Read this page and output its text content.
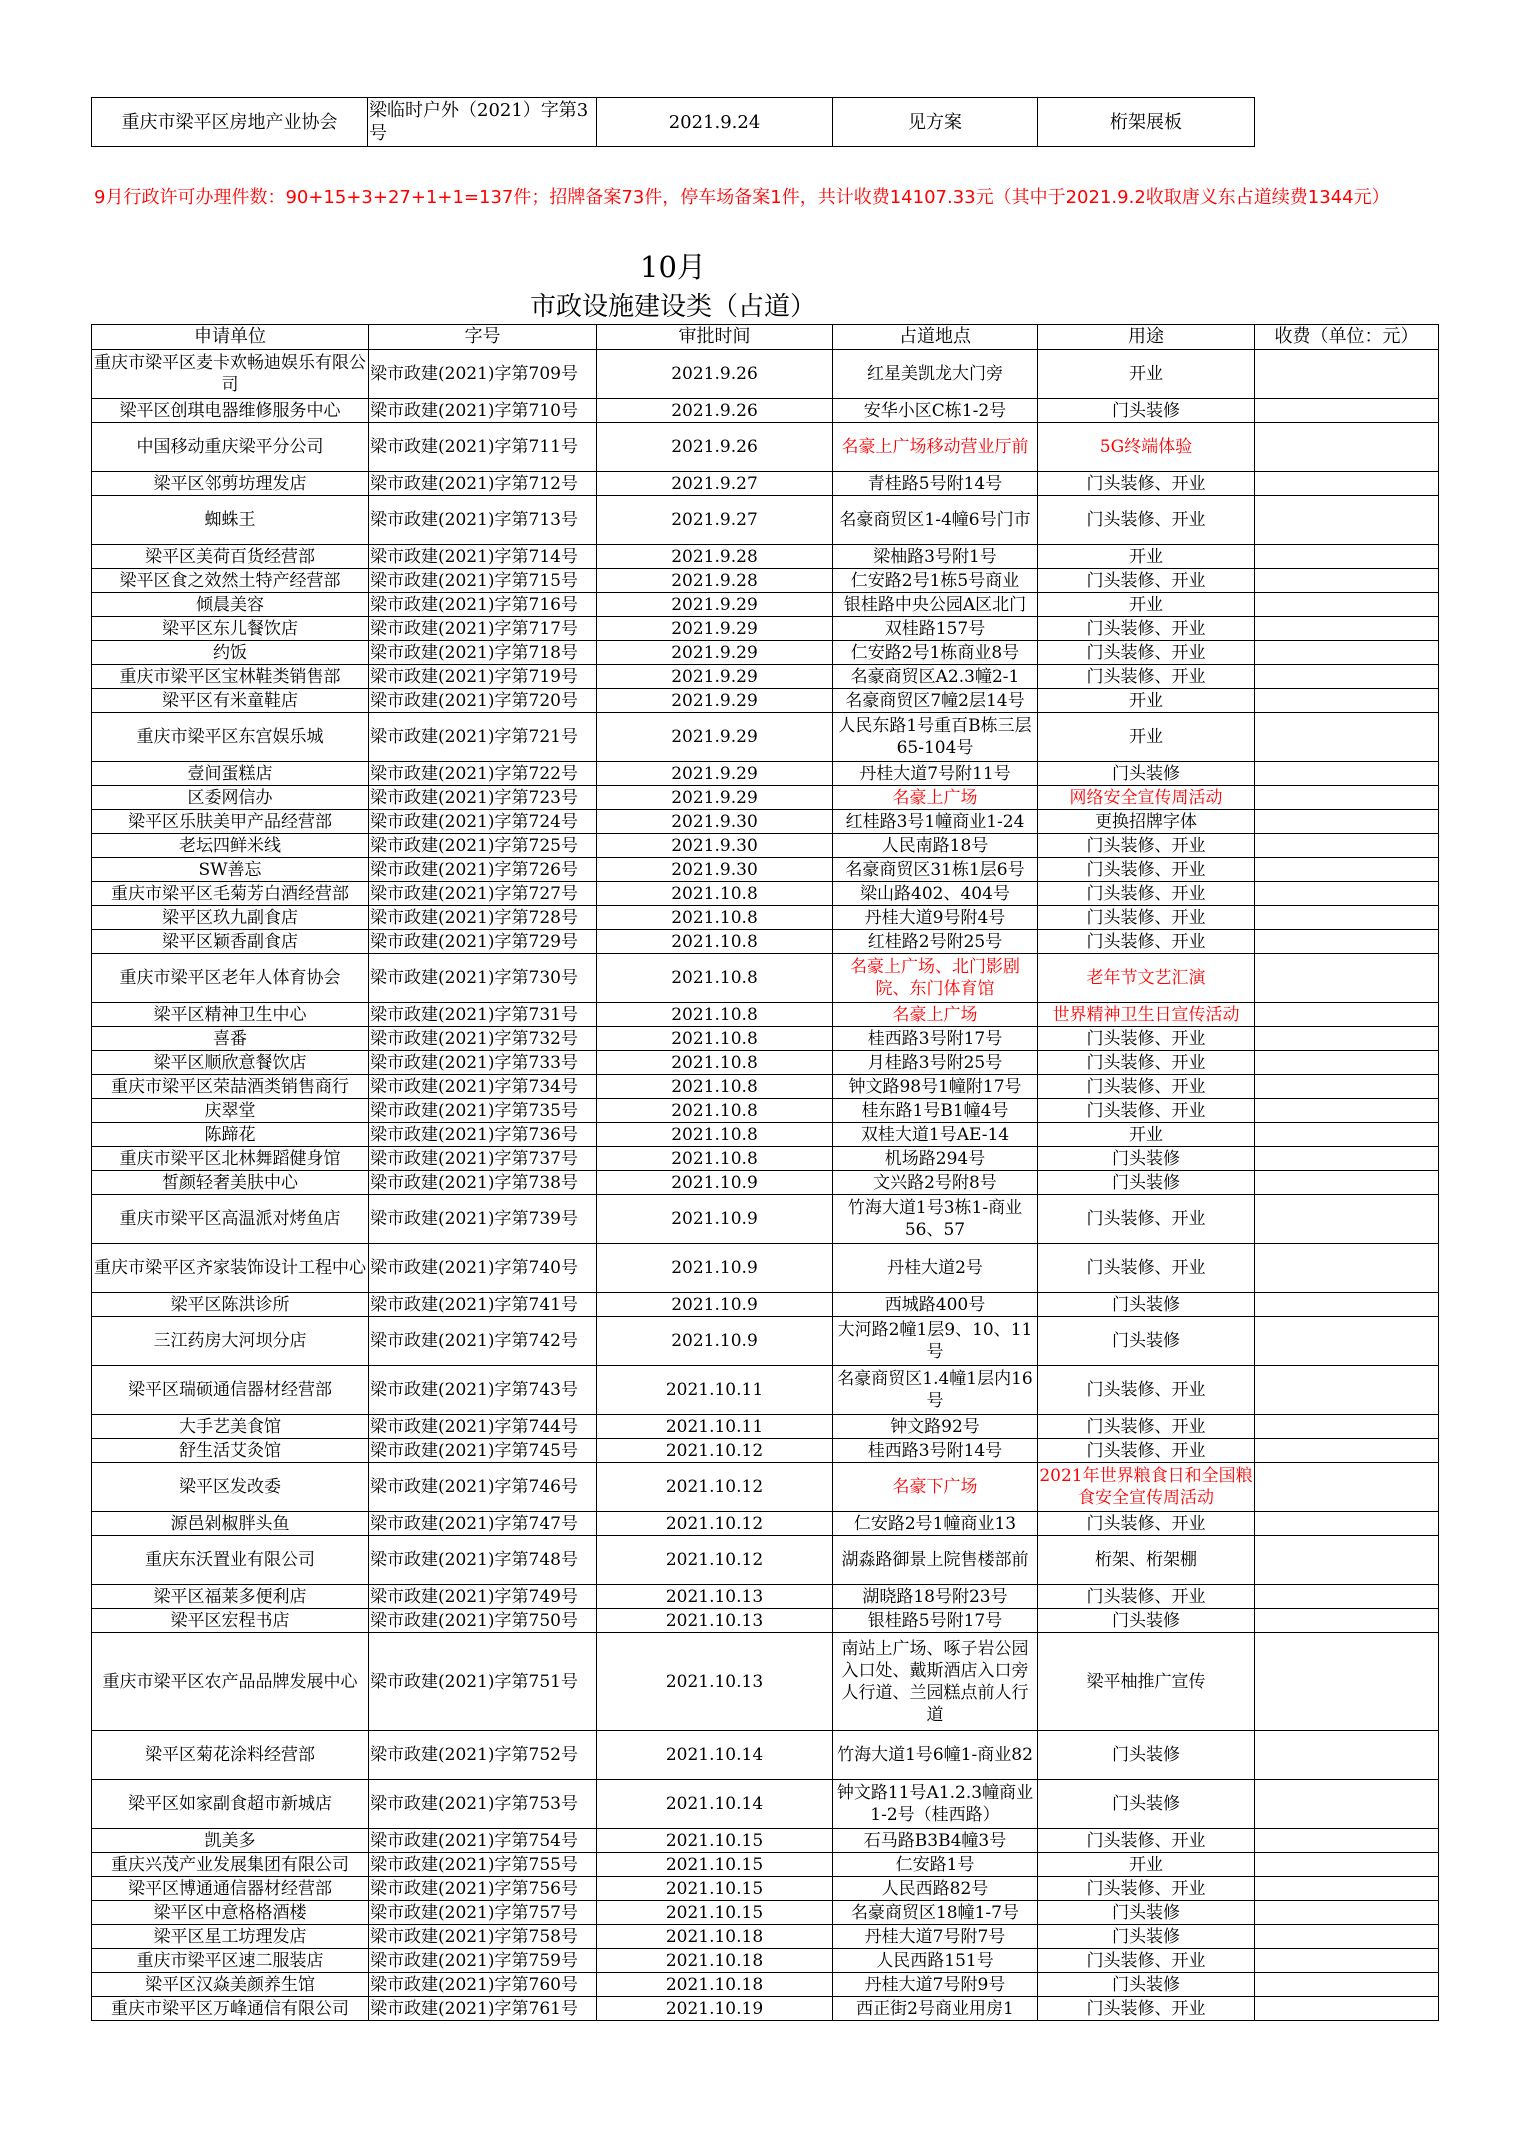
重庆市梁平区房地产业协会	梁临时户外（2021）字第3号	2021.9.24	见方案	桁架展板
9月行政许可办理件数：90+15+3+27+1+1=137件；招牌备案73件，停车场备案1件，共计收费14107.33元（其中于2021.9.2收取唐义东占道续费1344元）
10月
市政设施建设类（占道）
申请单位	字号	审批时间	占道地点	用途	收费（单位：元）
重庆市梁平区麦卡欢畅迪娱乐有限公司	梁市政建(2021)字第709号	2021.9.26	红星美凯龙大门旁	开业	
梁平区创琪电器维修服务中心	梁市政建(2021)字第710号	2021.9.26	安华小区C栋1-2号	门头装修	
中国移动重庆梁平分公司	梁市政建(2021)字第711号	2021.9.26	名豪上广场移动营业厅前	5G终端体验	
梁平区邻剪坊理发店	梁市政建(2021)字第712号	2021.9.27	青桂路5号附14号	门头装修、开业	
蜘蛛王	梁市政建(2021)字第713号	2021.9.27	名豪商贸区1-4幢6号门市	门头装修、开业	
梁平区美荷百货经营部	梁市政建(2021)字第714号	2021.9.28	梁柚路3号附1号	开业	
梁平区食之效然土特产经营部	梁市政建(2021)字第715号	2021.9.28	仁安路2号1栋5号商业	门头装修、开业	
倾晨美容	梁市政建(2021)字第716号	2021.9.29	银桂路中央公园A区北门	开业	
梁平区东儿餐饮店	梁市政建(2021)字第717号	2021.9.29	双桂路157号	门头装修、开业	
约饭	梁市政建(2021)字第718号	2021.9.29	仁安路2号1栋商业8号	门头装修、开业	
重庆市梁平区宝林鞋类销售部	梁市政建(2021)字第719号	2021.9.29	名豪商贸区A2.3幢2-1	门头装修、开业	
梁平区有米童鞋店	梁市政建(2021)字第720号	2021.9.29	名豪商贸区7幢2层14号	开业	
重庆市梁平区东宫娱乐城	梁市政建(2021)字第721号	2021.9.29	人民东路1号重百B栋三层65-104号	开业	
壹间蛋糕店	梁市政建(2021)字第722号	2021.9.29	丹桂大道7号附11号	门头装修	
区委网信办	梁市政建(2021)字第723号	2021.9.29	名豪上广场	网络安全宣传周活动	
梁平区乐肤美甲产品经营部	梁市政建(2021)字第724号	2021.9.30	红桂路3号1幢商业1-24	更换招牌字体	
老坛四鲜米线	梁市政建(2021)字第725号	2021.9.30	人民南路18号	门头装修、开业	
SW善忘	梁市政建(2021)字第726号	2021.9.30	名豪商贸区31栋1层6号	门头装修、开业	
重庆市梁平区毛菊芳白酒经营部	梁市政建(2021)字第727号	2021.10.8	梁山路402、404号	门头装修、开业	
梁平区玖九副食店	梁市政建(2021)字第728号	2021.10.8	丹桂大道9号附4号	门头装修、开业	
梁平区颖香副食店	梁市政建(2021)字第729号	2021.10.8	红桂路2号附25号	门头装修、开业	
重庆市梁平区老年人体育协会	梁市政建(2021)字第730号	2021.10.8	名豪上广场、北门影剧院、东门体育馆	老年节文艺汇演	
梁平区精神卫生中心	梁市政建(2021)字第731号	2021.10.8	名豪上广场	世界精神卫生日宣传活动	
喜番	梁市政建(2021)字第732号	2021.10.8	桂西路3号附17号	门头装修、开业	
梁平区顺欣意餐饮店	梁市政建(2021)字第733号	2021.10.8	月桂路3号附25号	门头装修、开业	
重庆市梁平区荣喆酒类销售商行	梁市政建(2021)字第734号	2021.10.8	钟文路98号1幢附17号	门头装修、开业	
庆翠堂	梁市政建(2021)字第735号	2021.10.8	桂东路1号B1幢4号	门头装修、开业	
陈蹄花	梁市政建(2021)字第736号	2021.10.8	双桂大道1号AE-14	开业	
重庆市梁平区北林舞蹈健身馆	梁市政建(2021)字第737号	2021.10.8	机场路294号	门头装修	
皙颜轻奢美肤中心	梁市政建(2021)字第738号	2021.10.9	文兴路2号附8号	门头装修	
重庆市梁平区高温派对烤鱼店	梁市政建(2021)字第739号	2021.10.9	竹海大道1号3栋1-商业56、57	门头装修、开业	
重庆市梁平区齐家装饰设计工程中心	梁市政建(2021)字第740号	2021.10.9	丹桂大道2号	门头装修、开业	
梁平区陈洪诊所	梁市政建(2021)字第741号	2021.10.9	西城路400号	门头装修	
三江药房大河坝分店	梁市政建(2021)字第742号	2021.10.9	大河路2幢1层9、10、11号	门头装修	
梁平区瑞硕通信器材经营部	梁市政建(2021)字第743号	2021.10.11	名豪商贸区1.4幢1层内16号	门头装修、开业	
大手艺美食馆	梁市政建(2021)字第744号	2021.10.11	钟文路92号	门头装修、开业	
舒生活艾灸馆	梁市政建(2021)字第745号	2021.10.12	桂西路3号附14号	门头装修、开业	
梁平区发改委	梁市政建(2021)字第746号	2021.10.12	名豪下广场	2021年世界粮食日和全国粮食安全宣传周活动	
源邑剁椒胖头鱼	梁市政建(2021)字第747号	2021.10.12	仁安路2号1幢商业13	门头装修、开业	
重庆东沃置业有限公司	梁市政建(2021)字第748号	2021.10.12	湖淼路御景上院售楼部前	桁架、桁架棚	
梁平区福莱多便利店	梁市政建(2021)字第749号	2021.10.13	湖晓路18号附23号	门头装修、开业	
梁平区宏程书店	梁市政建(2021)字第750号	2021.10.13	银桂路5号附17号	门头装修	
重庆市梁平区农产品品牌发展中心	梁市政建(2021)字第751号	2021.10.13	南站上广场、啄子岩公园入口处、戴斯酒店入口旁人行道、兰园糕点前人行道	梁平柚推广宣传	
梁平区菊花涂料经营部	梁市政建(2021)字第752号	2021.10.14	竹海大道1号6幢1-商业82	门头装修	
梁平区如家副食超市新城店	梁市政建(2021)字第753号	2021.10.14	钟文路11号A1.2.3幢商业1-2号（桂西路）	门头装修	
凯美多	梁市政建(2021)字第754号	2021.10.15	石马路B3B4幢3号	门头装修、开业	
重庆兴茂产业发展集团有限公司	梁市政建(2021)字第755号	2021.10.15	仁安路1号	开业	
梁平区博通通信器材经营部	梁市政建(2021)字第756号	2021.10.15	人民西路82号	门头装修、开业	
梁平区中意格格酒楼	梁市政建(2021)字第757号	2021.10.15	名豪商贸区18幢1-7号	门头装修	
梁平区星工坊理发店	梁市政建(2021)字第758号	2021.10.18	丹桂大道7号附7号	门头装修	
重庆市梁平区速二服装店	梁市政建(2021)字第759号	2021.10.18	人民西路151号	门头装修、开业	
梁平区汉焱美颜养生馆	梁市政建(2021)字第760号	2021.10.18	丹桂大道7号附9号	门头装修	
重庆市梁平区万峰通信有限公司	梁市政建(2021)字第761号	2021.10.19	西正街2号商业用房1	门头装修、开业	
